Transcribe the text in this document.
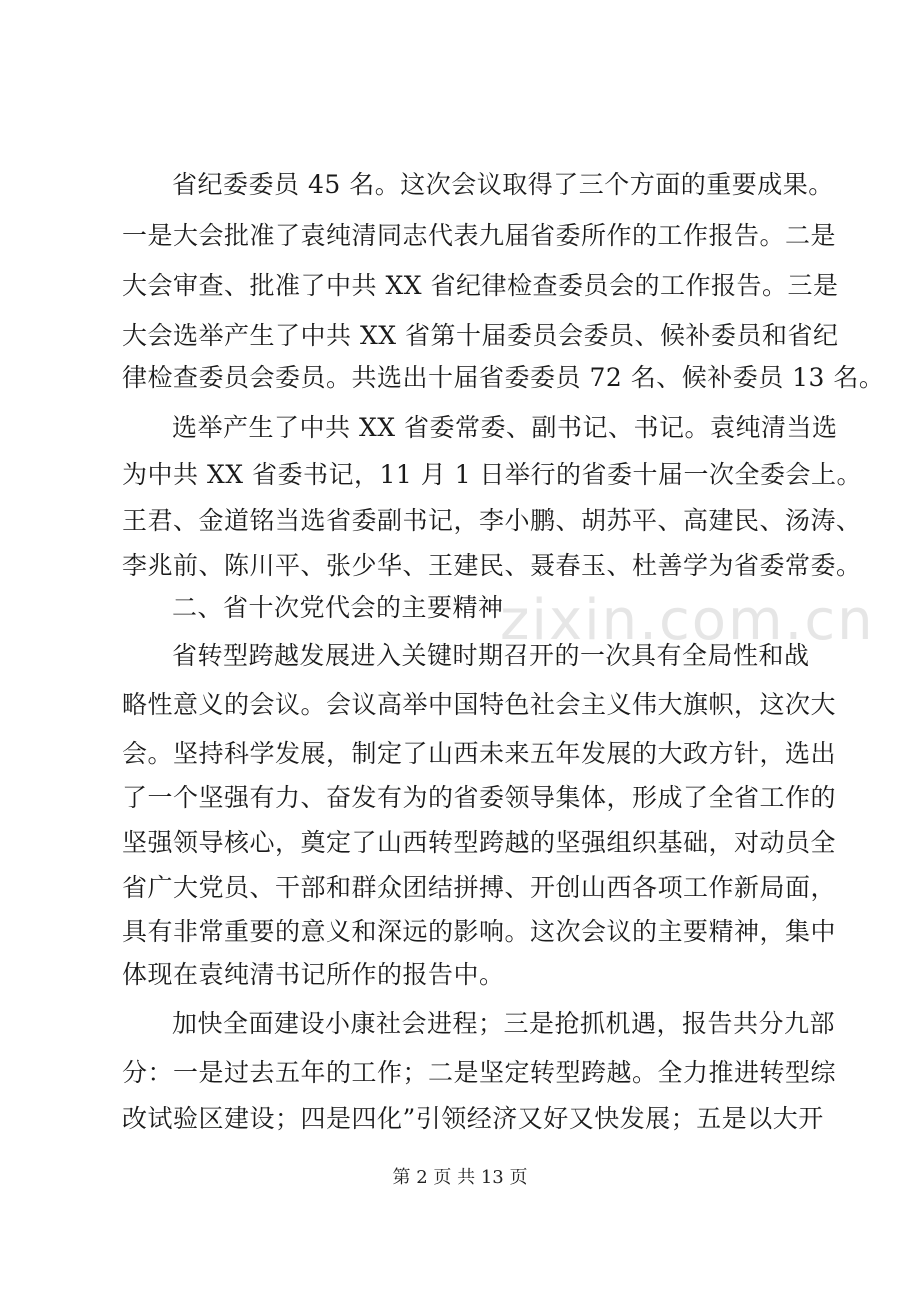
省纪委委员 45 名。这次会议取得了三个方面的重要成果。
一是大会批准了袁纯清同志代表九届省委所作的工作报告。二是
大会审查、批准了中共 XX 省纪律检查委员会的工作报告。三是
大会选举产生了中共 XX 省第十届委员会委员、候补委员和省纪
律检查委员会委员。共选出十届省委委员 72 名、候补委员 13 名。
选举产生了中共 XX 省委常委、副书记、书记。袁纯清当选
为中共 XX 省委书记，11 月 1 日举行的省委十届一次全委会上。
王君、金道铭当选省委副书记，李小鹏、胡苏平、高建民、汤涛、
李兆前、陈川平、张少华、王建民、聂春玉、杜善学为省委常委。
二、省十次党代会的主要精神
zixin.com.cn
省转型跨越发展进入关键时期召开的一次具有全局性和战
略性意义的会议。会议高举中国特色社会主义伟大旗帜，这次大
会。坚持科学发展，制定了山西未来五年发展的大政方针，选出
了一个坚强有力、奋发有为的省委领导集体，形成了全省工作的
坚强领导核心，奠定了山西转型跨越的坚强组织基础，对动员全
省广大党员、干部和群众团结拼搏、开创山西各项工作新局面，
具有非常重要的意义和深远的影响。这次会议的主要精神，集中
体现在袁纯清书记所作的报告中。
加快全面建设小康社会进程；三是抢抓机遇，报告共分九部
分：一是过去五年的工作；二是坚定转型跨越。全力推进转型综
改试验区建设；四是四化”引领经济又好又快发展；五是以大开
第 2 页 共 13 页
